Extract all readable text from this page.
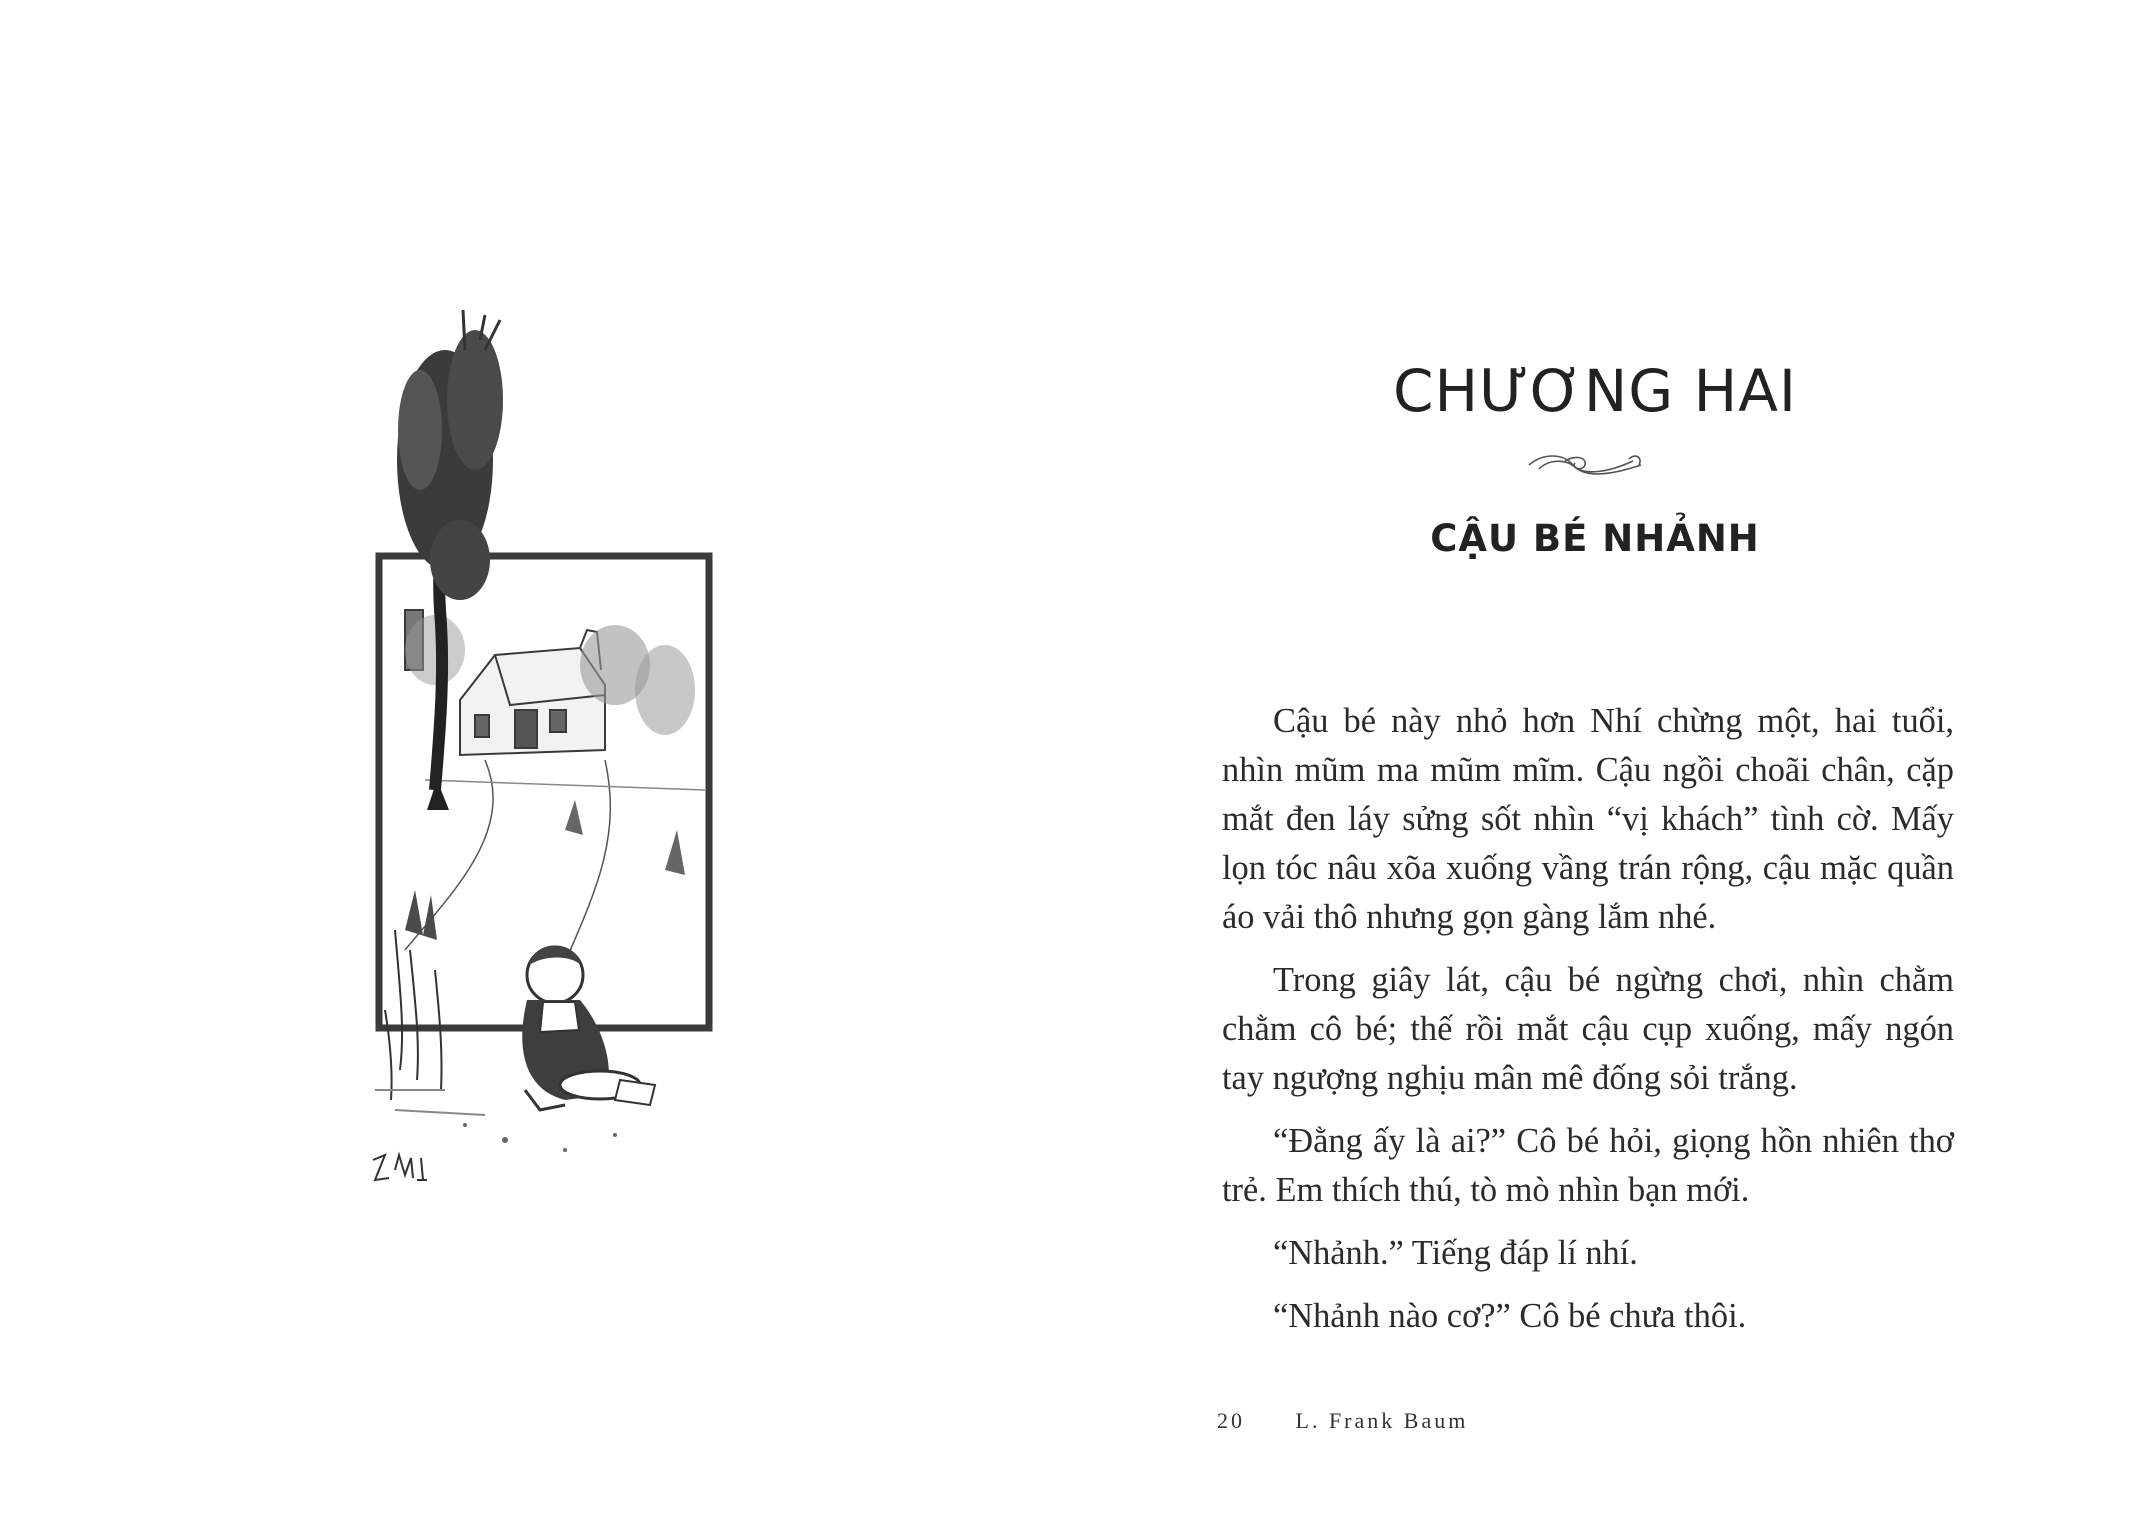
CHƯƠNG HAI
CẬU BÉ NHẢNH

Cậu bé này nhỏ hơn Nhí chừng một, hai tuổi, nhìn mũm ma mũm mĩm. Cậu ngồi choãi chân, cặp mắt đen láy sửng sốt nhìn “vị khách” tình cờ. Mấy lọn tóc nâu xõa xuống vầng trán rộng, cậu mặc quần áo vải thô nhưng gọn gàng lắm nhé.

Trong giây lát, cậu bé ngừng chơi, nhìn chằm chằm cô bé; thế rồi mắt cậu cụp xuống, mấy ngón tay ngượng nghịu mân mê đống sỏi trắng.

“Đằng ấy là ai?” Cô bé hỏi, giọng hồn nhiên thơ trẻ. Em thích thú, tò mò nhìn bạn mới.

“Nhảnh.” Tiếng đáp lí nhí.

“Nhảnh nào cơ?” Cô bé chưa thôi.

20 L. Frank Baum
